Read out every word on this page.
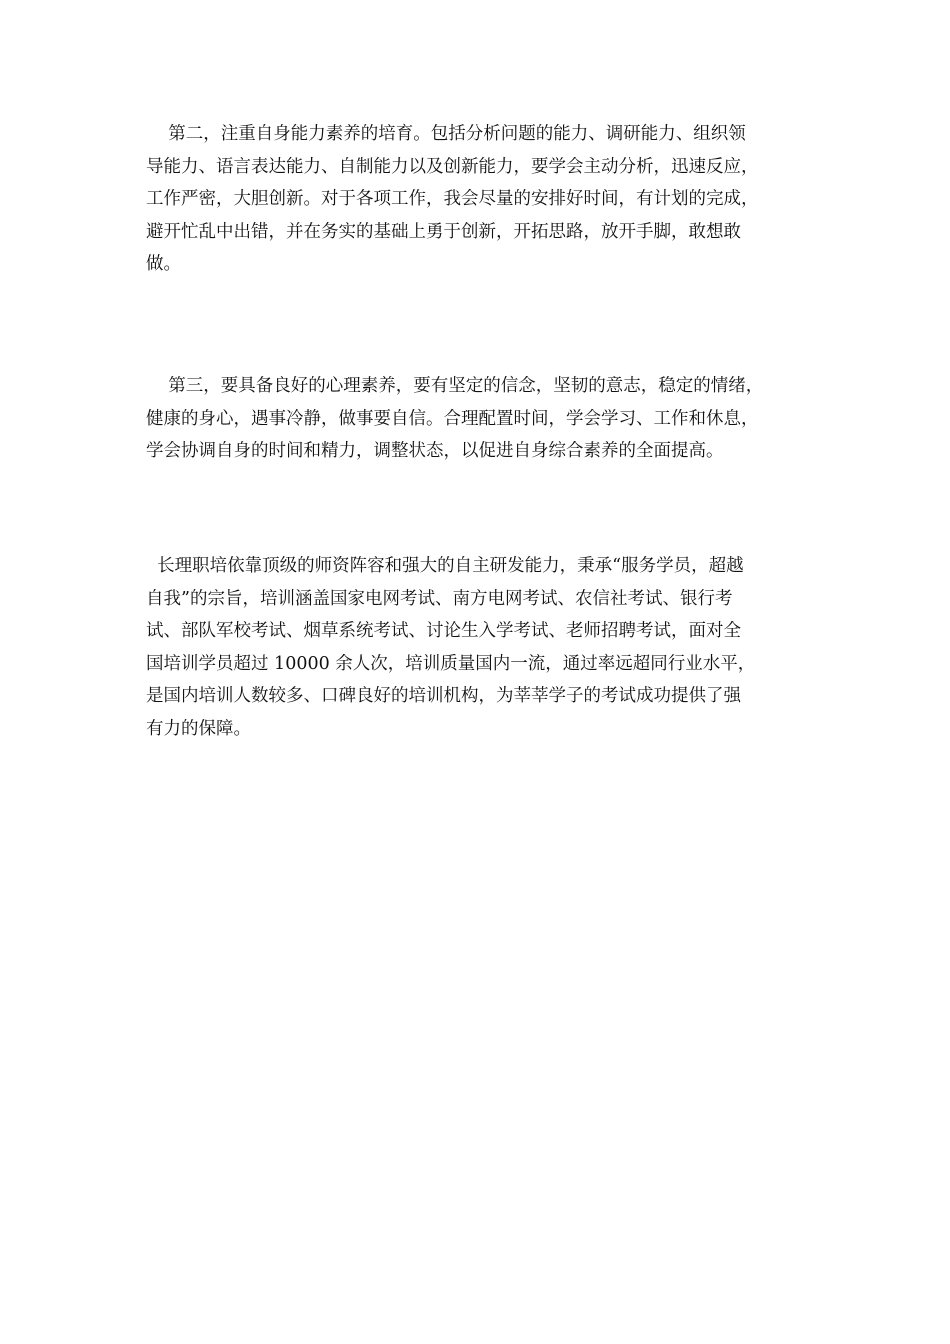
第二，注重自身能力素养的培育。包括分析问题的能力、调研能力、组织领
导能力、语言表达能力、自制能力以及创新能力，要学会主动分析，迅速反应，
工作严密，大胆创新。对于各项工作，我会尽量的安排好时间，有计划的完成，
避开忙乱中出错，并在务实的基础上勇于创新，开拓思路，放开手脚，敢想敢
做。
第三，要具备良好的心理素养，要有坚定的信念，坚韧的意志，稳定的情绪，
健康的身心，遇事冷静，做事要自信。合理配置时间，学会学习、工作和休息，
学会协调自身的时间和精力，调整状态，以促进自身综合素养的全面提高。
长理职培依靠顶级的师资阵容和强大的自主研发能力，秉承“服务学员，超越
自我”的宗旨，培训涵盖国家电网考试、南方电网考试、农信社考试、银行考
试、部队军校考试、烟草系统考试、讨论生入学考试、老师招聘考试，面对全
国培训学员超过 10000 余人次，培训质量国内一流，通过率远超同行业水平，
是国内培训人数较多、口碑良好的培训机构，为莘莘学子的考试成功提供了强
有力的保障。
